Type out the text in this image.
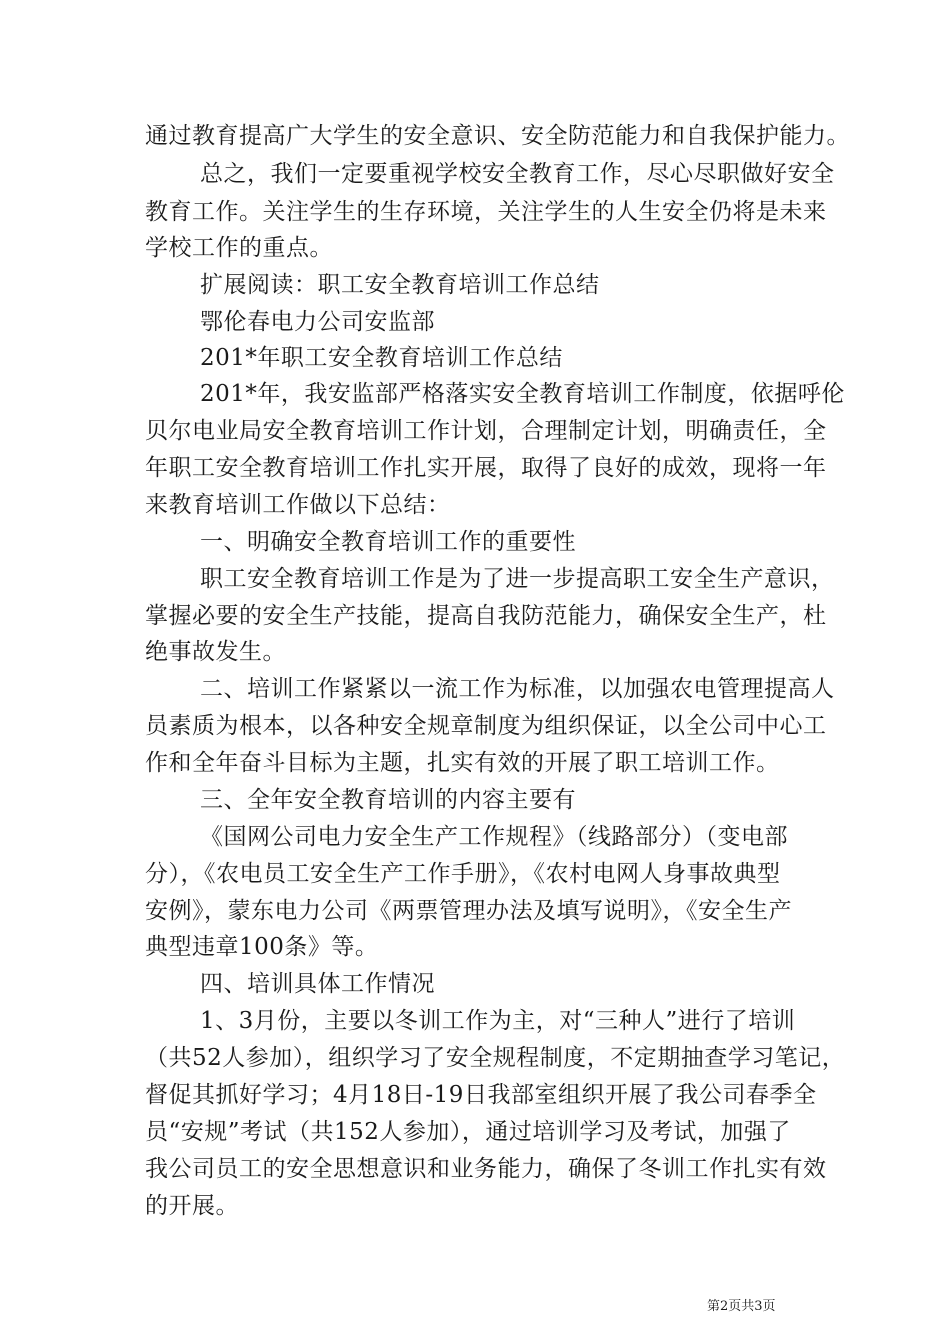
通过教育提高广大学生的安全意识、安全防范能力和自我保护能力。
总之，我们一定要重视学校安全教育工作，尽心尽职做好安全
教育工作。关注学生的生存环境，关注学生的人生安全仍将是未来
学校工作的重点。
扩展阅读：职工安全教育培训工作总结
鄂伦春电力公司安监部
201*年职工安全教育培训工作总结
201*年，我安监部严格落实安全教育培训工作制度，依据呼伦
贝尔电业局安全教育培训工作计划，合理制定计划，明确责任，全
年职工安全教育培训工作扎实开展，取得了良好的成效，现将一年
来教育培训工作做以下总结：
一、明确安全教育培训工作的重要性
职工安全教育培训工作是为了进一步提高职工安全生产意识，
掌握必要的安全生产技能，提高自我防范能力，确保安全生产，杜
绝事故发生。
二、培训工作紧紧以一流工作为标准，以加强农电管理提高人
员素质为根本，以各种安全规章制度为组织保证，以全公司中心工
作和全年奋斗目标为主题，扎实有效的开展了职工培训工作。
三、全年安全教育培训的内容主要有
《国网公司电力安全生产工作规程》（线路部分）（变电部
分），《农电员工安全生产工作手册》，《农村电网人身事故典型
安例》，蒙东电力公司《两票管理办法及填写说明》，《安全生产
典型违章100条》等。
四、培训具体工作情况
1、3月份，主要以冬训工作为主，对“三种人”进行了培训
（共52人参加），组织学习了安全规程制度，不定期抽查学习笔记，
督促其抓好学习；4月18日-19日我部室组织开展了我公司春季全
员“安规”考试（共152人参加），通过培训学习及考试，加强了
我公司员工的安全思想意识和业务能力，确保了冬训工作扎实有效
的开展。
第2页共3页
